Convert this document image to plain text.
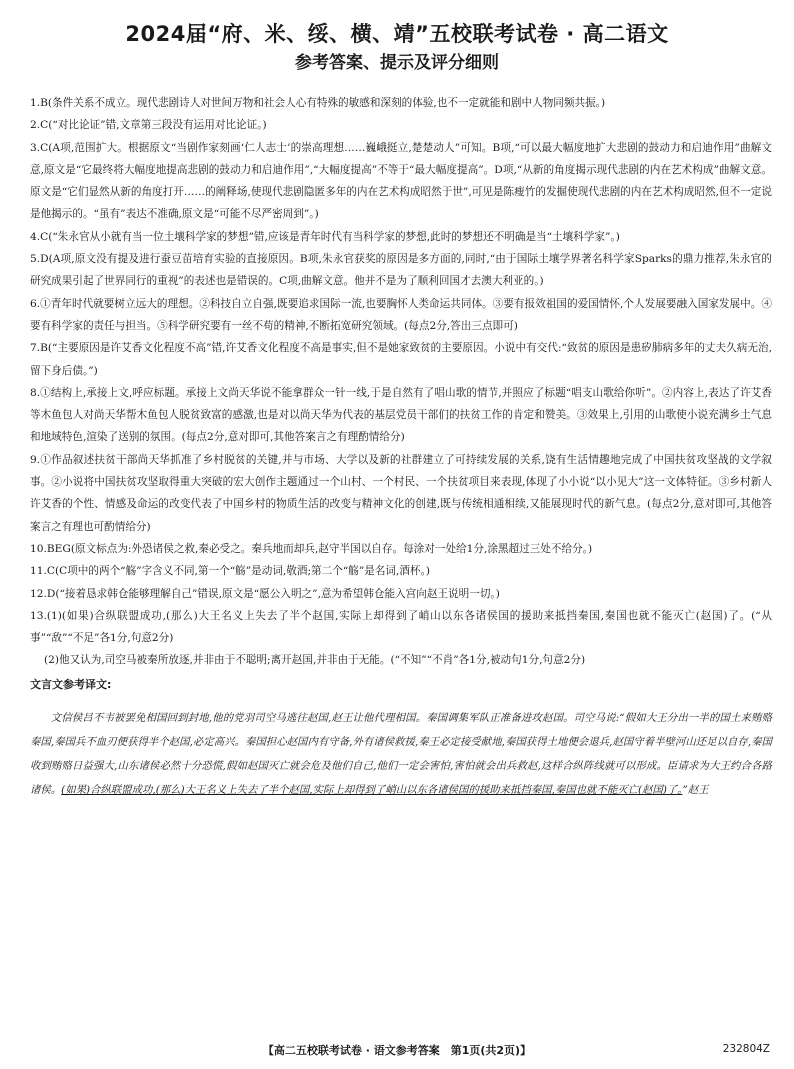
2024届“府、米、绥、横、靖”五校联考试卷 · 高二语文
参考答案、提示及评分细则

1.B(条件关系不成立。现代悲剧诗人对世间万物和社会人心有特殊的敏感和深刻的体验,也不一定就能和剧中人物同频共振。)

2.C(“对比论证”错,文章第三段没有运用对比论证。)

3.C(A项,范围扩大。根据原文“当剧作家刻画‘仁人志士’的崇高理想……巍峨挺立,楚楚动人”可知。B项,“可以最大幅度地扩大悲剧的鼓动力和启迪作用”曲解文意,原文是“它最终将大幅度地提高悲剧的鼓动力和启迪作用”,“大幅度提高”不等于“最大幅度提高”。D项,“从新的角度揭示现代悲剧的内在艺术构成”曲解文意。原文是“它们显然从新的角度打开……的阐释场,使现代悲剧隐匿多年的内在艺术构成昭然于世”,可见是陈瘦竹的发掘使现代悲剧的内在艺术构成昭然,但不一定说是他揭示的。“虽有”表达不准确,原文是“可能不尽严密周到”。)

4.C(“朱永官从小就有当一位土壤科学家的梦想”错,应该是青年时代有当科学家的梦想,此时的梦想还不明确是当“土壤科学家”。)

5.D(A项,原文没有提及进行蚕豆苗培育实验的直接原因。B项,朱永官获奖的原因是多方面的,同时,“由于国际土壤学界著名科学家Sparks的鼎力推荐,朱永官的研究成果引起了世界同行的重视”的表述也是错误的。C项,曲解文意。他并不是为了顺利回国才去澳大利亚的。)

6.①青年时代就要树立远大的理想。②科技自立自强,既要追求国际一流,也要胸怀人类命运共同体。③要有报效祖国的爱国情怀,个人发展要融入国家发展中。④要有科学家的责任与担当。⑤科学研究要有一丝不苟的精神,不断拓宽研究领域。(每点2分,答出三点即可)

7.B(“主要原因是许艾香文化程度不高”错,许艾香文化程度不高是事实,但不是她家致贫的主要原因。小说中有交代:“致贫的原因是患矽肺病多年的丈夫久病无治,留下身后债。”)

8.①结构上,承接上文,呼应标题。承接上文尚天华说不能拿群众一针一线,于是自然有了唱山歌的情节,并照应了标题“唱支山歌给你听”。②内容上,表达了许艾香等木鱼包人对尚天华帮木鱼包人脱贫致富的感激,也是对以尚天华为代表的基层党员干部们的扶贫工作的肯定和赞美。③效果上,引用的山歌使小说充满乡土气息和地域特色,渲染了送别的氛围。(每点2分,意对即可,其他答案言之有理酌情给分)

9.①作品叙述扶贫干部尚天华抓准了乡村脱贫的关键,并与市场、大学以及新的社群建立了可持续发展的关系,饶有生活情趣地完成了中国扶贫攻坚战的文学叙事。②小说将中国扶贫攻坚取得重大突破的宏大创作主题通过一个山村、一个村民、一个扶贫项目来表现,体现了小小说“以小见大”这一文体特征。③乡村新人许艾香的个性、情感及命运的改变代表了中国乡村的物质生活的改变与精神文化的创建,既与传统相通相续,又能展现时代的新气息。(每点2分,意对即可,其他答案言之有理也可酌情给分)

10.BEG(原文标点为:外恐诸侯之救,秦必受之。秦兵地而却兵,赵守半国以自存。每涂对一处给1分,涂黑超过三处不给分。)

11.C(C项中的两个“觞”字含义不同,第一个“觞”是动词,敬酒;第二个“觞”是名词,酒杯。)

12.D(“接着恳求韩仓能够理解自己”错误,原文是“愿公入明之”,意为希望韩仓能入宫向赵王说明一切。)

13.(1)(如果)合纵联盟成功,(那么)大王名义上失去了半个赵国,实际上却得到了峭山以东各诸侯国的援助来抵挡秦国,秦国也就不能灭亡(赵国)了。(“从事”“敌”“不足”各1分,句意2分)

(2)他又认为,司空马被秦所放逐,并非由于不聪明;离开赵国,并非由于无能。(“不知”“不肖”各1分,被动句1分,句意2分)

文言文参考译文:

文信侯吕不韦被罢免相国回到封地,他的党羽司空马逃往赵国,赵王让他代理相国。秦国调集军队正准备进攻赵国。司空马说:“假如大王分出一半的国土来贿赂秦国,秦国兵不血刃便获得半个赵国,必定高兴。秦国担心赵国内有守备,外有诸侯救援,秦王必定接受献地,秦国获得土地便会退兵,赵国守着半壁河山还足以自存,秦国收到贿赂日益强大,山东诸侯必然十分恐慌,假如赵国灭亡就会危及他们自己,他们一定会害怕,害怕就会出兵救赵,这样合纵阵线就可以形成。臣请求为大王约合各路诸侯。(如果)合纵联盟成功,(那么)大王名义上失去了半个赵国,实际上却得到了峭山以东各诸侯国的援助来抵挡秦国,秦国也就不能灭亡(赵国)了。”赵王

【高二五校联考试卷 · 语文参考答案　第1页(共2页)】	232804Z
